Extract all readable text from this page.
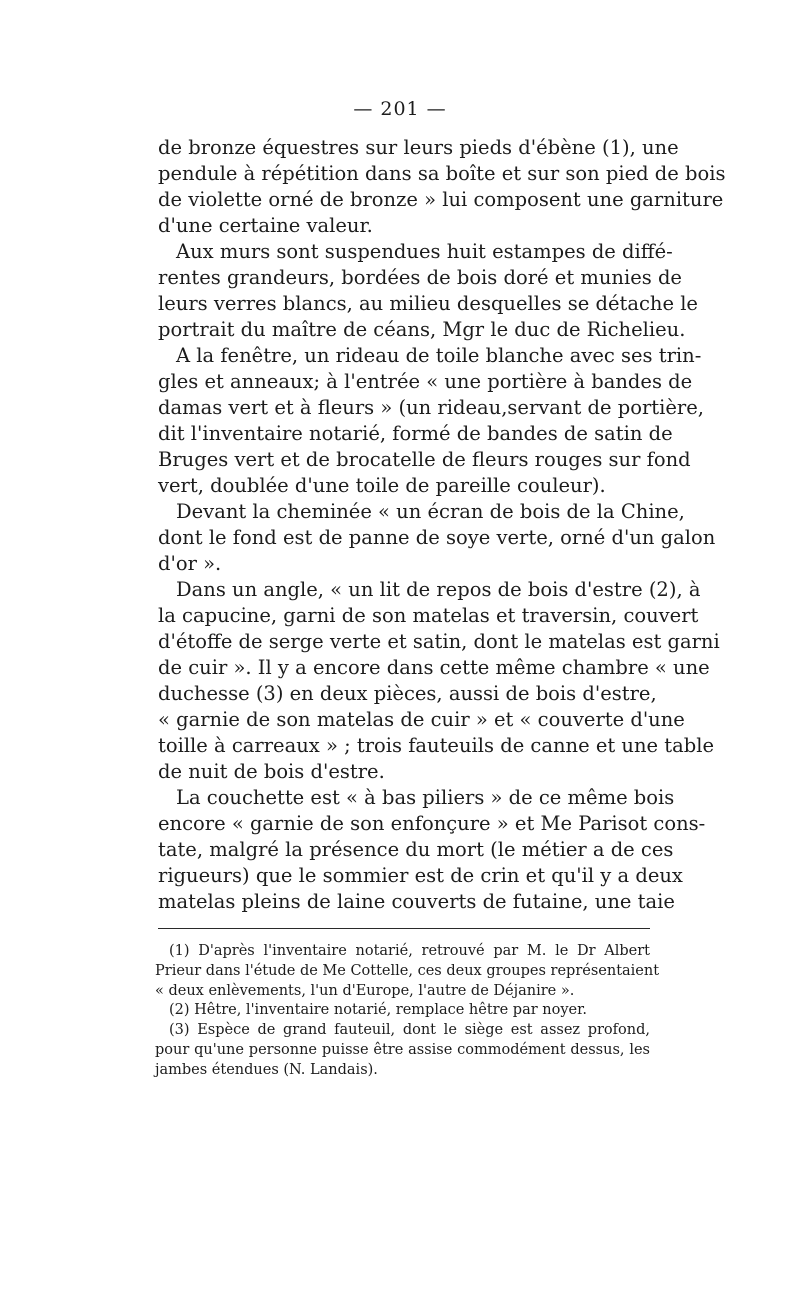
— 201 —
de bronze équestres sur leurs pieds d'ébène (1), une
pendule à répétition dans sa boîte et sur son pied de bois
de violette orné de bronze » lui composent une garniture
d'une certaine valeur.
Aux murs sont suspendues huit estampes de diffé-
rentes grandeurs, bordées de bois doré et munies de
leurs verres blancs, au milieu desquelles se détache le
portrait du maître de céans, Mgr le duc de Richelieu.
A la fenêtre, un rideau de toile blanche avec ses trin-
gles et anneaux; à l'entrée « une portière à bandes de
damas vert et à fleurs » (un rideau,servant de portière,
dit l'inventaire notarié, formé de bandes de satin de
Bruges vert et de brocatelle de fleurs rouges sur fond
vert, doublée d'une toile de pareille couleur).
Devant la cheminée « un écran de bois de la Chine,
dont le fond est de panne de soye verte, orné d'un galon
d'or ».
Dans un angle, « un lit de repos de bois d'estre (2), à
la capucine, garni de son matelas et traversin, couvert
d'étoffe de serge verte et satin, dont le matelas est garni
de cuir ». Il y a encore dans cette même chambre « une
duchesse (3) en deux pièces, aussi de bois d'estre,
« garnie de son matelas de cuir » et « couverte d'une
toille à carreaux » ; trois fauteuils de canne et une table
de nuit de bois d'estre.
La couchette est « à bas piliers » de ce même bois
encore « garnie de son enfonçure » et Me Parisot cons-
tate, malgré la présence du mort (le métier a de ces
rigueurs) que le sommier est de crin et qu'il y a deux
matelas pleins de laine couverts de futaine, une taie
(1) D'après l'inventaire notarié, retrouvé par M. le Dr Albert
Prieur dans l'étude de Me Cottelle, ces deux groupes représentaient
« deux enlèvements, l'un d'Europe, l'autre de Déjanire ».
(2) Hêtre, l'inventaire notarié, remplace hêtre par noyer.
(3) Espèce de grand fauteuil, dont le siège est assez profond,
pour qu'une personne puisse être assise commodément dessus, les
jambes étendues (N. Landais).
